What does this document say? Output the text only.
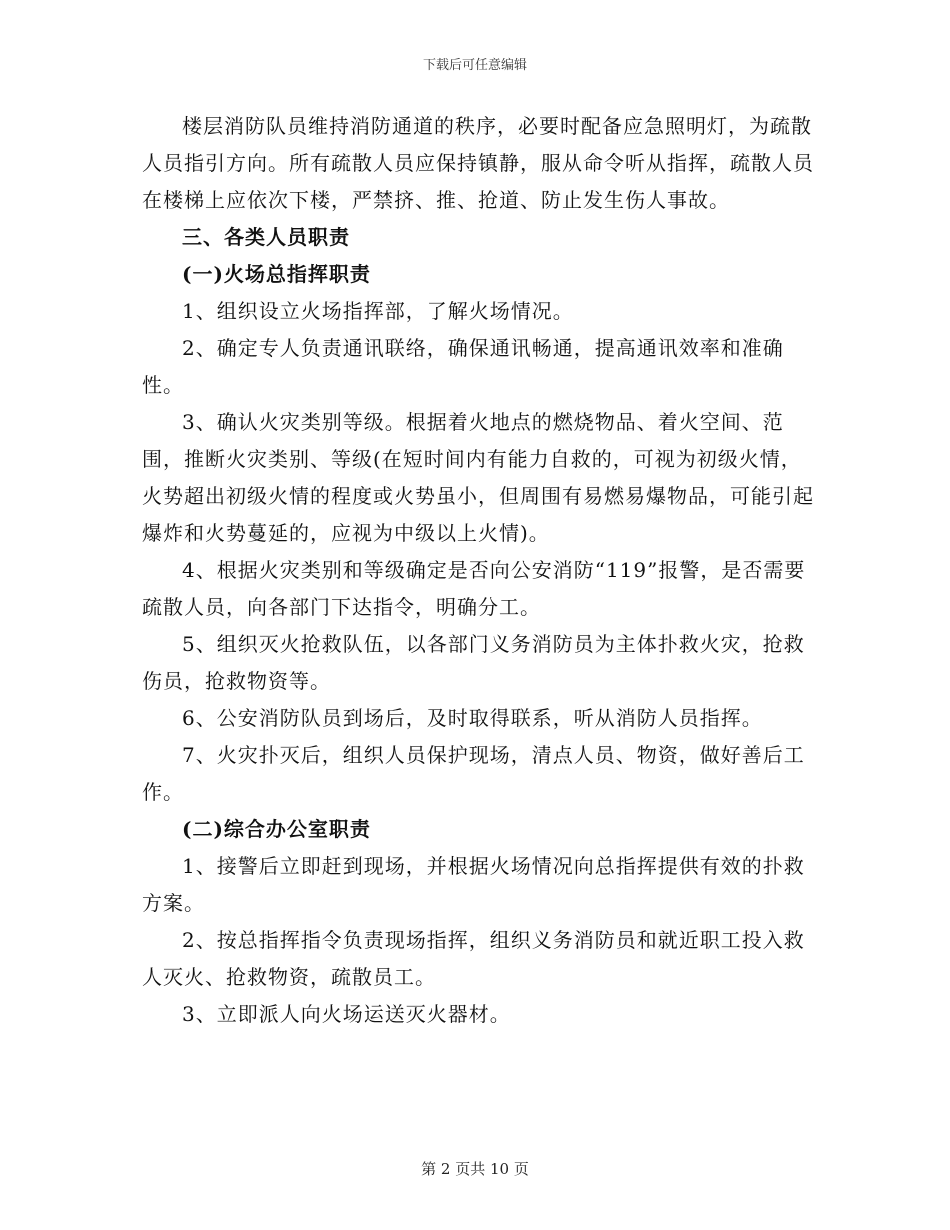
下载后可任意编辑

楼层消防队员维持消防通道的秩序，必要时配备应急照明灯，为疏散人员指引方向。所有疏散人员应保持镇静，服从命令听从指挥，疏散人员在楼梯上应依次下楼，严禁挤、推、抢道、防止发生伤人事故。

三、各类人员职责

(一)火场总指挥职责

1、组织设立火场指挥部，了解火场情况。

2、确定专人负责通讯联络，确保通讯畅通，提高通讯效率和准确性。

3、确认火灾类别等级。根据着火地点的燃烧物品、着火空间、范围，推断火灾类别、等级(在短时间内有能力自救的，可视为初级火情，火势超出初级火情的程度或火势虽小，但周围有易燃易爆物品，可能引起爆炸和火势蔓延的，应视为中级以上火情)。

4、根据火灾类别和等级确定是否向公安消防“119”报警，是否需要疏散人员，向各部门下达指令，明确分工。

5、组织灭火抢救队伍，以各部门义务消防员为主体扑救火灾，抢救伤员，抢救物资等。

6、公安消防队员到场后，及时取得联系，听从消防人员指挥。

7、火灾扑灭后，组织人员保护现场，清点人员、物资，做好善后工作。

(二)综合办公室职责

1、接警后立即赶到现场，并根据火场情况向总指挥提供有效的扑救方案。

2、按总指挥指令负责现场指挥，组织义务消防员和就近职工投入救人灭火、抢救物资，疏散员工。

3、立即派人向火场运送灭火器材。

第 2 页共 10 页
